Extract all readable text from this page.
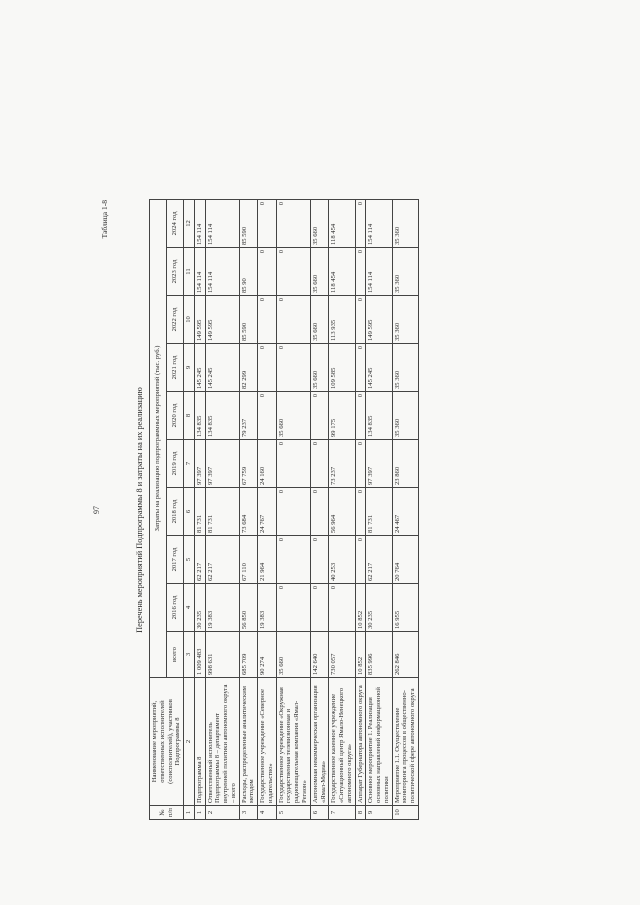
97
Таблица 1-8
Перечень мероприятий Подпрограммы 8 и затраты на их реализацию
№ п/п	Наименование мероприятий, ответственных исполнителей (соисполнителей), участников Подпрограммы 8	Затраты на реализацию подпрограммных мероприятий (тыс. руб.)									
		всего	2016 год	2017 год	2018 год	2019 год	2020 год	2021 год	2022 год	2023 год	2024 год
1	2	3	4	5	6	7	8	9	10	11	12
1	Подпрограмма 8	1 009 483	30 235	62 217	81 731	97 397	134 835	145 245	149 595	154 114	154 114
2	Ответственный исполнитель Подпрограммы 8 – департамент внутренней политики автономного округа – всего	998 631	19 383	62 217	81 731	97 397	134 835	145 245	149 595	154 114	154 114
3	Расходы, распределенные аналитическим методом	685 709	56 850	67 110	73 684	67 759	79 237	82 299	85 590	85 90	85 590
4	Государственное учреждение «Северное издательство»	90 274	19 383	21 964	24 767	24 160	0	0	0	0	0
5	Государственное учреждение «Окружная государственная телевизионная и радиовещательная компания «Ямал-Регион»	35 660	0	0	0	0	35 660	0	0	0	0
6	Автономная некоммерческая организация «Ямал-Медиа»	142 640	0	0	0	0	0	35 660	35 660	35 660	35 660
7	Государственное казенное учреждение «Ситуационный центр Ямало-Ненецкого автономного округа»	730 057	0	40 253	56 964	73 237	99 175	109 585	113 935	118 454	118 454
8	Аппарат Губернатора автономного округа	10 852	10 852	0	0	0	0	0	0	0	0
9	Основное мероприятие 1. Реализация основных направлений информационной политики	835 996	30 235	62 217	81 731	97 397	134 835	145 245	149 595	154 114	154 114
10	Мероприятие 1.1. Осуществление мониторинга процессов в общественно-политической сфере автономного округа	262 846	16 955	20 764	24 467	23 860	35 360	35 360	35 360	35 360	35 360
